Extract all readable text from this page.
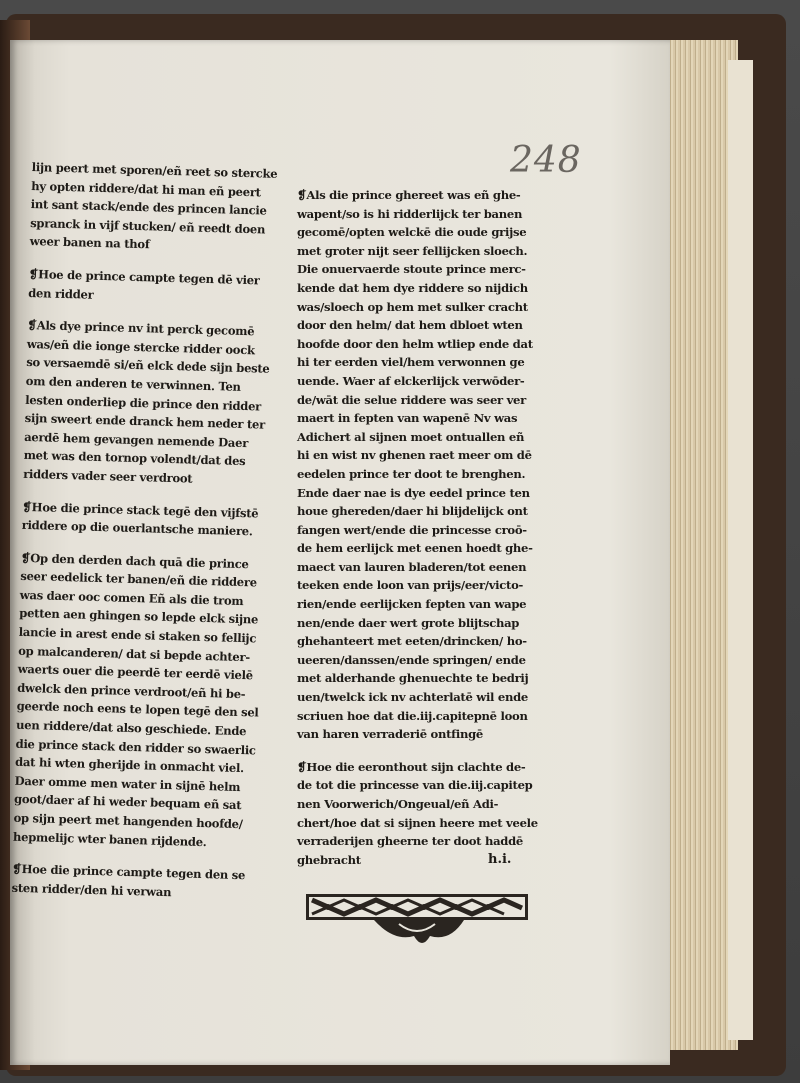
248

lijn peert met sporen/eñ reet so stercke

hy opten riddere/dat hi man eñ peert

int sant stack/ende des princen lancie

spranck in vijf stucken/ eñ reedt doen

weer banen na thof

❡Hoe de prince campte tegen dē vier

den ridder

❡Als dye prince nv int perck gecomē

was/eñ die ionge stercke ridder oock

so versaemdē si/eñ elck dede sijn beste

om den anderen te verwinnen. Ten

lesten onderliep die prince den ridder

sijn sweert ende dranck hem neder ter

aerdē hem gevangen nemende Daer

met was den tornop volendt/dat des

ridders vader seer verdroot

❡Hoe die prince stack tegē den vijfstē

riddere op die ouerlantsche maniere.

❡Op den derden dach quā die prince

seer eedelick ter banen/eñ die riddere

was daer ooc comen Eñ als die trom

petten aen ghingen so lepde elck sijne

lancie in arest ende si staken so fellijc

op malcanderen/ dat si bepde achter-

waerts ouer die peerdē ter eerdē vielē

dwelck den prince verdroot/eñ hi be-

geerde noch eens te lopen tegē den sel

uen riddere/dat also geschiede. Ende

die prince stack den ridder so swaerlic

dat hi wten gherijde in onmacht viel.

Daer omme men water in sijnē helm

goot/daer af hi weder bequam eñ sat

op sijn peert met hangenden hoofde/

hepmelijc wter banen rijdende.

❡Hoe die prince campte tegen den se

sten ridder/den hi verwan

❡Als die prince ghereet was eñ ghe-

wapent/so is hi ridderlijck ter banen

gecomē/opten welckē die oude grijse

met groter nijt seer fellijcken sloech.

Die onuervaerde stoute prince merc-

kende dat hem dye riddere so nijdich

was/sloech op hem met sulker cracht

door den helm/ dat hem dbloet wten

hoofde door den helm wtliep ende dat

hi ter eerden viel/hem verwonnen ge

uende. Waer af elckerlijck verwōder-

de/wāt die selue riddere was seer ver

maert in fepten van wapenē Nv was

Adichert al sijnen moet ontuallen eñ

hi en wist nv ghenen raet meer om dē

eedelen prince ter doot te brenghen.

Ende daer nae is dye eedel prince ten

houe ghereden/daer hi blijdelijck ont

fangen wert/ende die princesse croō-

de hem eerlijck met eenen hoedt ghe-

maect van lauren bladeren/tot eenen

teeken ende loon van prijs/eer/victo-

rien/ende eerlijcken fepten van wape

nen/ende daer wert grote blijtschap

ghehanteert met eeten/drincken/ ho-

ueeren/danssen/ende springen/ ende

met alderhande ghenuechte te bedrij

uen/twelck ick nv achterlatē wil ende

scriuen hoe dat die.iij.capitepnē loon

van haren verraderiē ontfingē

❡Hoe die eeronthout sijn clachte de-

de tot die princesse van die.iij.capitep

nen Voorwerich/Ongeual/eñ Adi-

chert/hoe dat si sijnen heere met veele

verraderijen gheerne ter doot haddē

ghebracht	h.i.
